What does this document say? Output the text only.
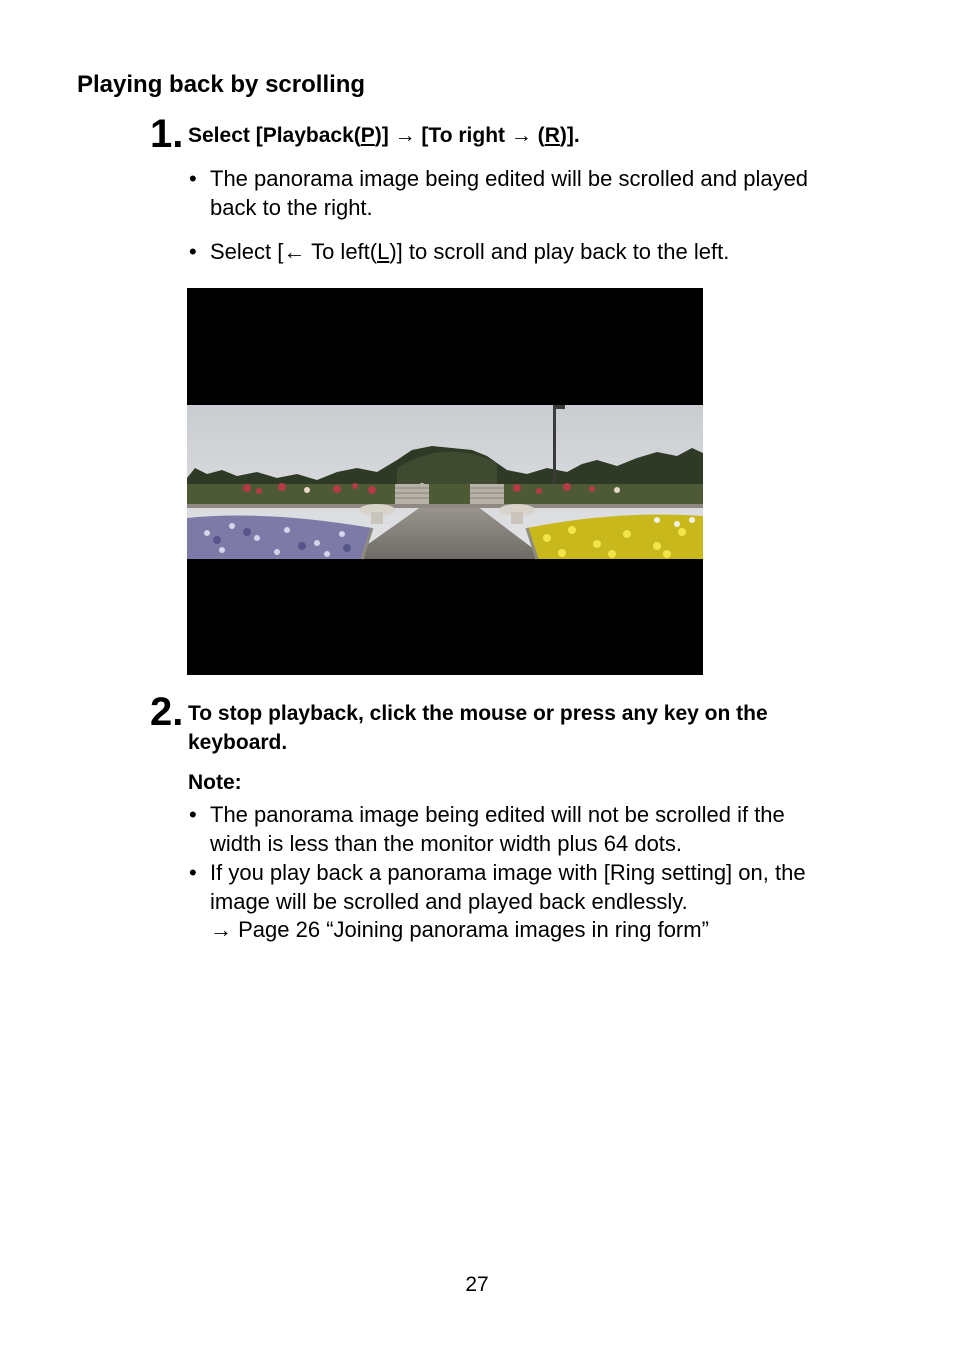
Playing back by scrolling
1. Select [Playback(P)] → [To right → (R)].
• The panorama image being edited will be scrolled and played
back to the right.
• Select [← To left(L)] to scroll and play back to the left.
2. To stop playback, click the mouse or press any key on the
keyboard.
Note:
• The panorama image being edited will not be scrolled if the
width is less than the monitor width plus 64 dots.
• If you play back a panorama image with [Ring setting] on, the
image will be scrolled and played back endlessly.
→ Page 26 “Joining panorama images in ring form”
27
